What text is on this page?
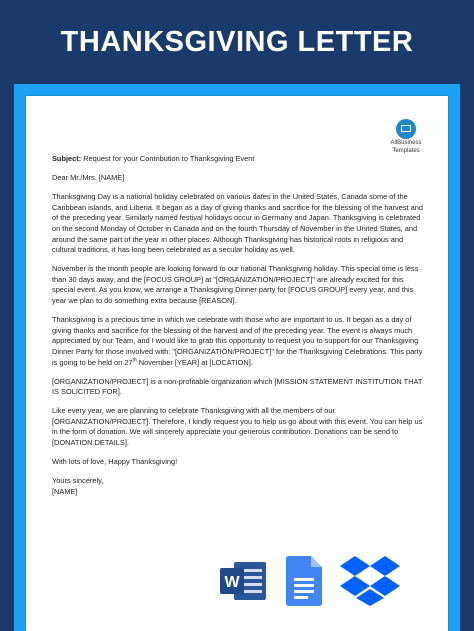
THANKSGIVING LETTER
AllBusiness
Templates

Subject: Request for your Contribution to Thanksgiving Event

Dear Mr./Mrs. [NAME]

Thanksgiving Day is a national holiday celebrated on various dates in the United States, Canada some of the Caribbean islands, and Liberia. It began as a day of giving thanks and sacrifice for the blessing of the harvest and of the preceding year. Similarly named festival holidays occur in Germany and Japan. Thanksgiving is celebrated on the second Monday of October in Canada and on the fourth Thursday of November in the United States, and around the same part of the year in other places. Although Thanksgiving has historical roots in religious and cultural traditions, it has long been celebrated as a secular holiday as well.

November is the month people are looking forward to our national Thanksgiving holiday. This special time is less than 30 days away, and the [FOCUS GROUP] at "[ORGANIZATION/PROJECT]" are already excited for this special event. As you know, we arrange a Thanksgiving Dinner party for [FOCUS GROUP] every year, and this year we plan to do something extra because [REASON].

Thanksgiving is a precious time in which we celebrate with those who are important to us. It began as a day of giving thanks and sacrifice for the blessing of the harvest and of the preceding year. The event is always much appreciated by our Team, and I would like to grab this opportunity to request you to support for our Thanksgiving Dinner Party for those involved with: "[ORGANIZATION/PROJECT]" for the Thanksgiving Celebrations. This party is going to be held on 27th November [YEAR] at [LOCATION].

[ORGANIZATION/PROJECT] is a non-profitable organization which [MISSION STATEMENT INSTITUTION THAT IS SOLICITED FOR].

Like every year, we are planning to celebrate Thanksgiving with all the members of our [ORGANIZATION/PROJECT]. Therefore, I kindly request you to help us go about with this event. You can help us in the form of donation. We will sincerely appreciate your generous contribution. Donations can be send to [DONATION DETAILS].

With lots of love, Happy Thanksgiving!

Yours sincerely,

[NAME]

W
